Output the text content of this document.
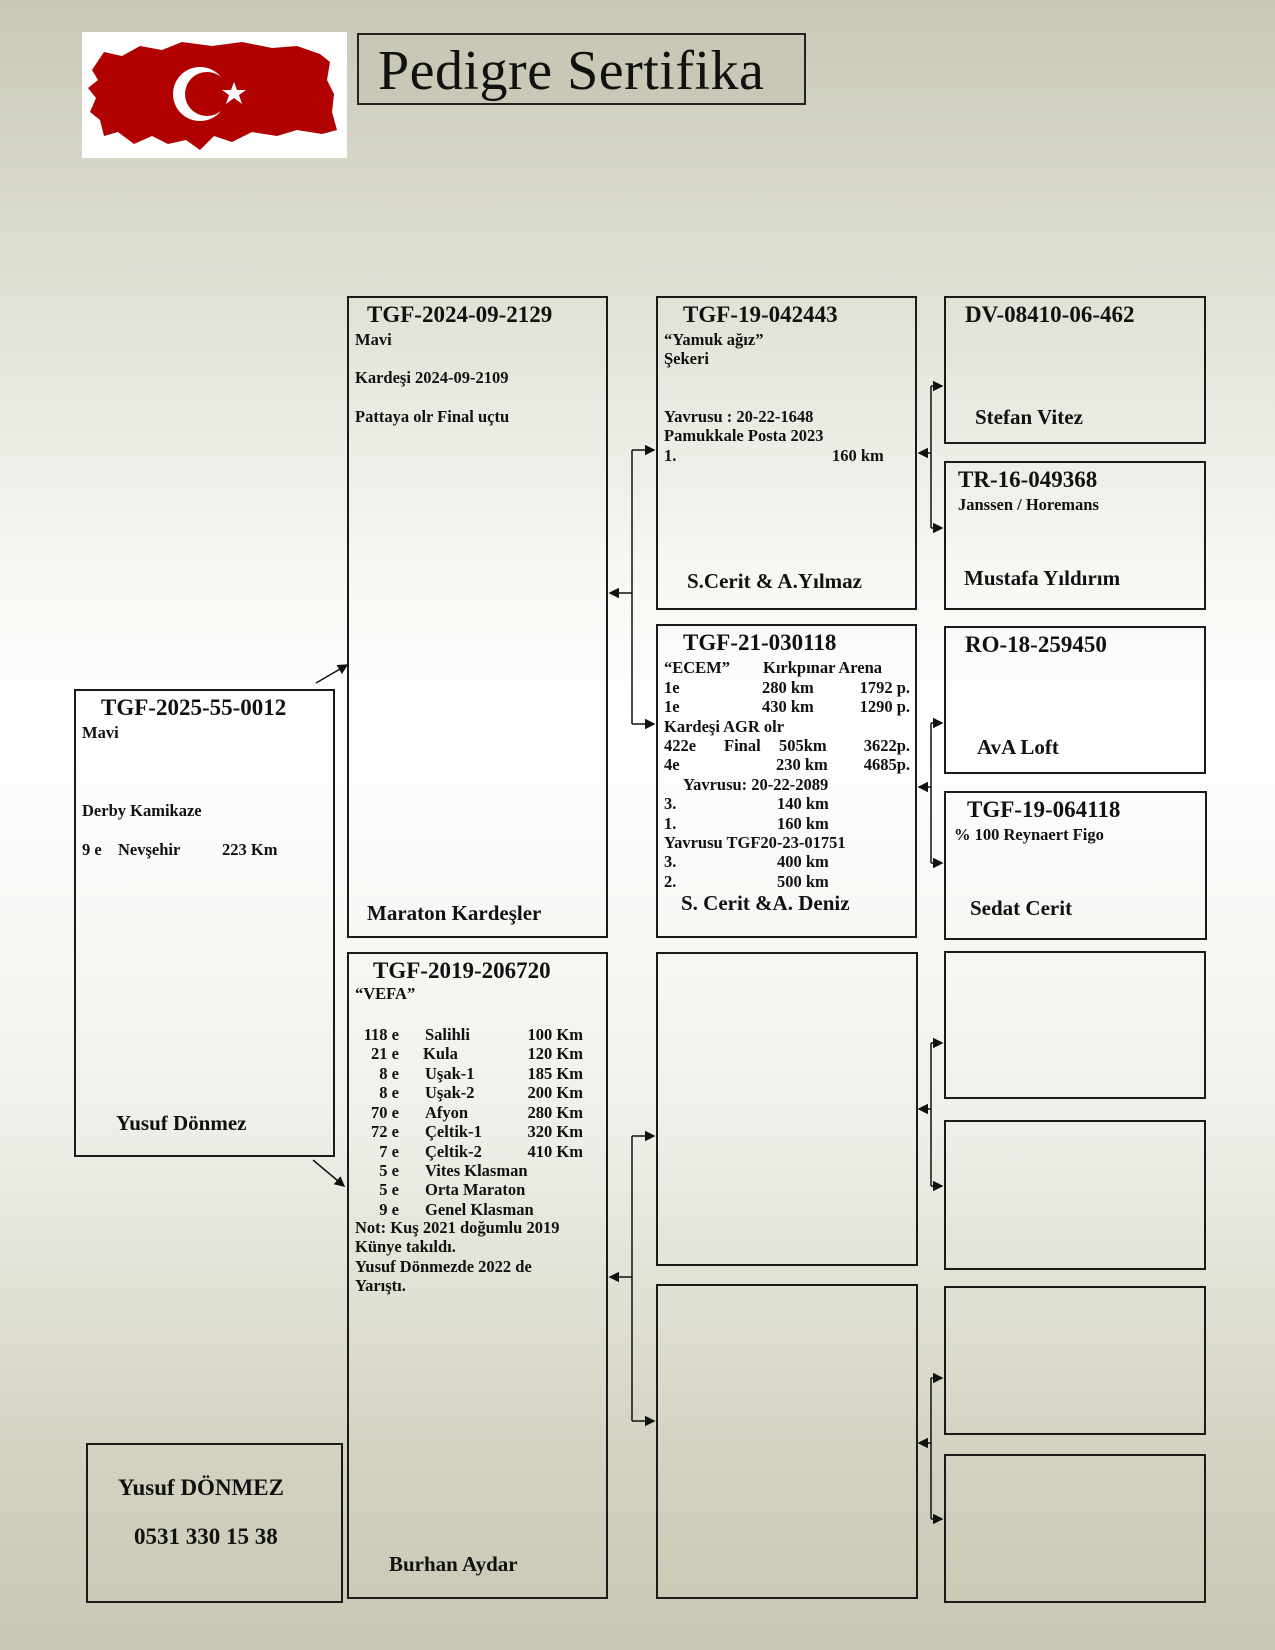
Pedigre Sertifika
TGF-2025-55-0012
Mavi
Derby Kamikaze
9 e Nevşehir	223 Km
Yusuf Dönmez
TGF-2024-09-2129
Mavi
Kardeşi 2024-09-2109
Pattaya olr Final uçtu
Maraton Kardeşler
TGF-2019-206720
“VEFA”
118 e Salihli	100 Km
21 e Kula	120 Km
8 e Uşak-1	185 Km
8 e Uşak-2	200 Km
70 e Afyon	280 Km
72 e Çeltik-1	320 Km
7 e Çeltik-2	410 Km
5 e Vites Klasman
5 e Orta Maraton
9 e Genel Klasman
Not: Kuş 2021 doğumlu 2019
Künye takıldı.
Yusuf Dönmezde 2022 de
Yarıştı.
Burhan Aydar
TGF-19-042443
“Yamuk ağız”
Şekeri
Yavrusu : 20-22-1648
Pamukkale Posta 2023
1.	160 km
S.Cerit & A.Yılmaz
TGF-21-030118
“ECEM” Kırkpınar Arena
1e	280 km	1792 p.
1e	430 km	1290 p.
Kardeşi AGR olr
422e Final 505km	3622p.
4e	230 km	4685p.
Yavrusu: 20-22-2089
3.	140 km
1.	160 km
Yavrusu TGF20-23-01751
3.	400 km
2.	500 km
S. Cerit &A. Deniz
DV-08410-06-462
Stefan Vitez
TR-16-049368
Janssen / Horemans
Mustafa Yıldırım
RO-18-259450
AvA Loft
TGF-19-064118
% 100 Reynaert Figo
Sedat Cerit
Yusuf DÖNMEZ
0531 330 15 38
